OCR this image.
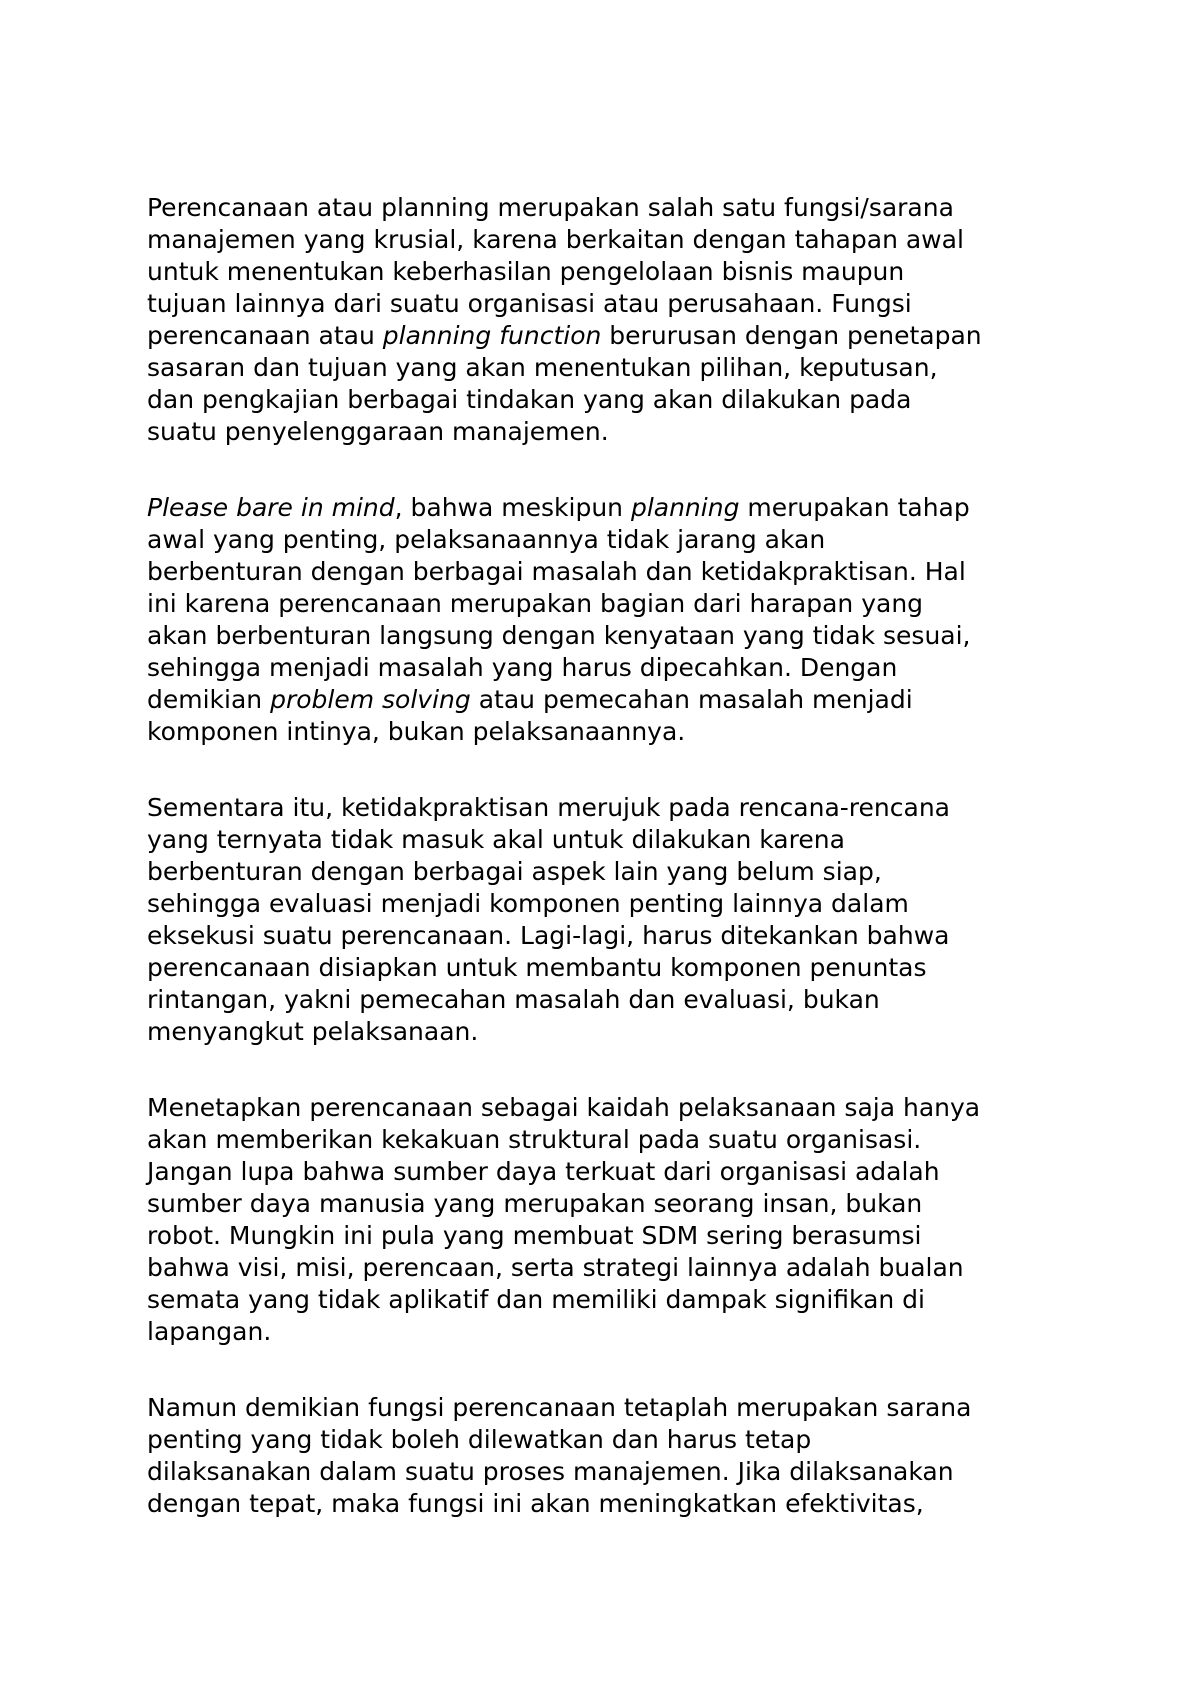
Perencanaan atau planning merupakan salah satu fungsi/sarana
manajemen yang krusial, karena berkaitan dengan tahapan awal
untuk menentukan keberhasilan pengelolaan bisnis maupun
tujuan lainnya dari suatu organisasi atau perusahaan. Fungsi
perencanaan atau planning function berurusan dengan penetapan
sasaran dan tujuan yang akan menentukan pilihan, keputusan,
dan pengkajian berbagai tindakan yang akan dilakukan pada
suatu penyelenggaraan manajemen.

Please bare in mind, bahwa meskipun planning merupakan tahap
awal yang penting, pelaksanaannya tidak jarang akan
berbenturan dengan berbagai masalah dan ketidakpraktisan. Hal
ini karena perencanaan merupakan bagian dari harapan yang
akan berbenturan langsung dengan kenyataan yang tidak sesuai,
sehingga menjadi masalah yang harus dipecahkan. Dengan
demikian problem solving atau pemecahan masalah menjadi
komponen intinya, bukan pelaksanaannya.

Sementara itu, ketidakpraktisan merujuk pada rencana-rencana
yang ternyata tidak masuk akal untuk dilakukan karena
berbenturan dengan berbagai aspek lain yang belum siap,
sehingga evaluasi menjadi komponen penting lainnya dalam
eksekusi suatu perencanaan. Lagi-lagi, harus ditekankan bahwa
perencanaan disiapkan untuk membantu komponen penuntas
rintangan, yakni pemecahan masalah dan evaluasi, bukan
menyangkut pelaksanaan.

Menetapkan perencanaan sebagai kaidah pelaksanaan saja hanya
akan memberikan kekakuan struktural pada suatu organisasi.
Jangan lupa bahwa sumber daya terkuat dari organisasi adalah
sumber daya manusia yang merupakan seorang insan, bukan
robot. Mungkin ini pula yang membuat SDM sering berasumsi
bahwa visi, misi, perencaan, serta strategi lainnya adalah bualan
semata yang tidak aplikatif dan memiliki dampak signifikan di
lapangan.

Namun demikian fungsi perencanaan tetaplah merupakan sarana
penting yang tidak boleh dilewatkan dan harus tetap
dilaksanakan dalam suatu proses manajemen. Jika dilaksanakan
dengan tepat, maka fungsi ini akan meningkatkan efektivitas,
